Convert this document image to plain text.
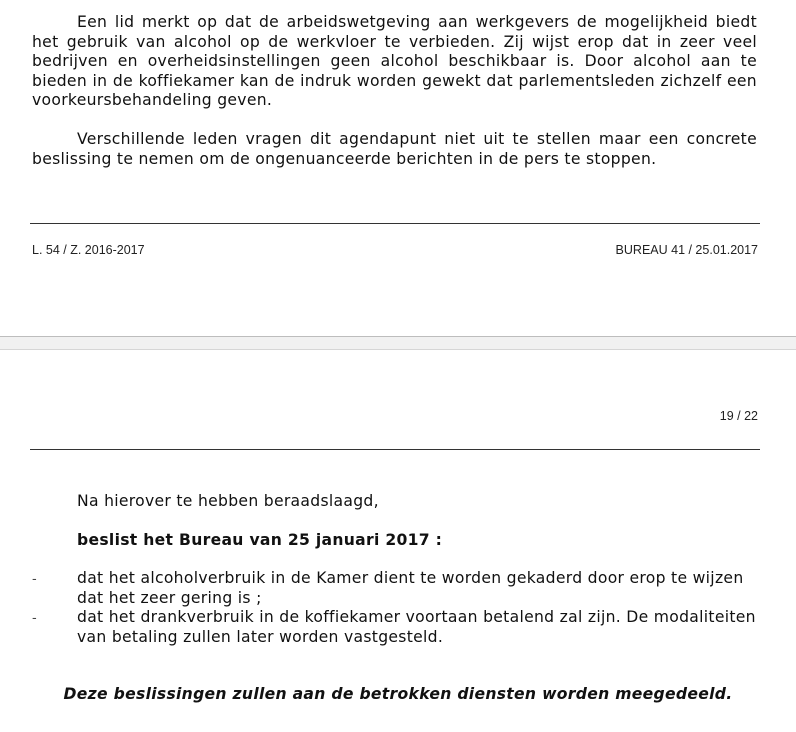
Een lid merkt op dat de arbeidswetgeving aan werkgevers de mogelijkheid biedt het gebruik van alcohol op de werkvloer te verbieden. Zij wijst erop dat in zeer veel bedrijven en overheidsinstellingen geen alcohol beschikbaar is. Door alcohol aan te bieden in de koffiekamer kan de indruk worden gewekt dat parlementsleden zichzelf een voorkeursbehandeling geven.

Verschillende leden vragen dit agendapunt niet uit te stellen maar een concrete beslissing te nemen om de ongenuanceerde berichten in de pers te stoppen.

L. 54 / Z. 2016-2017	BUREAU 41 / 25.01.2017
19 / 22

Na hierover te hebben beraadslaagd,

beslist het Bureau van 25 januari 2017 :

-	dat het alcoholverbruik in de Kamer dient te worden gekaderd door erop te wijzen dat het zeer gering is ;

-	dat het drankverbruik in de koffiekamer voortaan betalend zal zijn. De modaliteiten van betaling zullen later worden vastgesteld.

Deze beslissingen zullen aan de betrokken diensten worden meegedeeld.
